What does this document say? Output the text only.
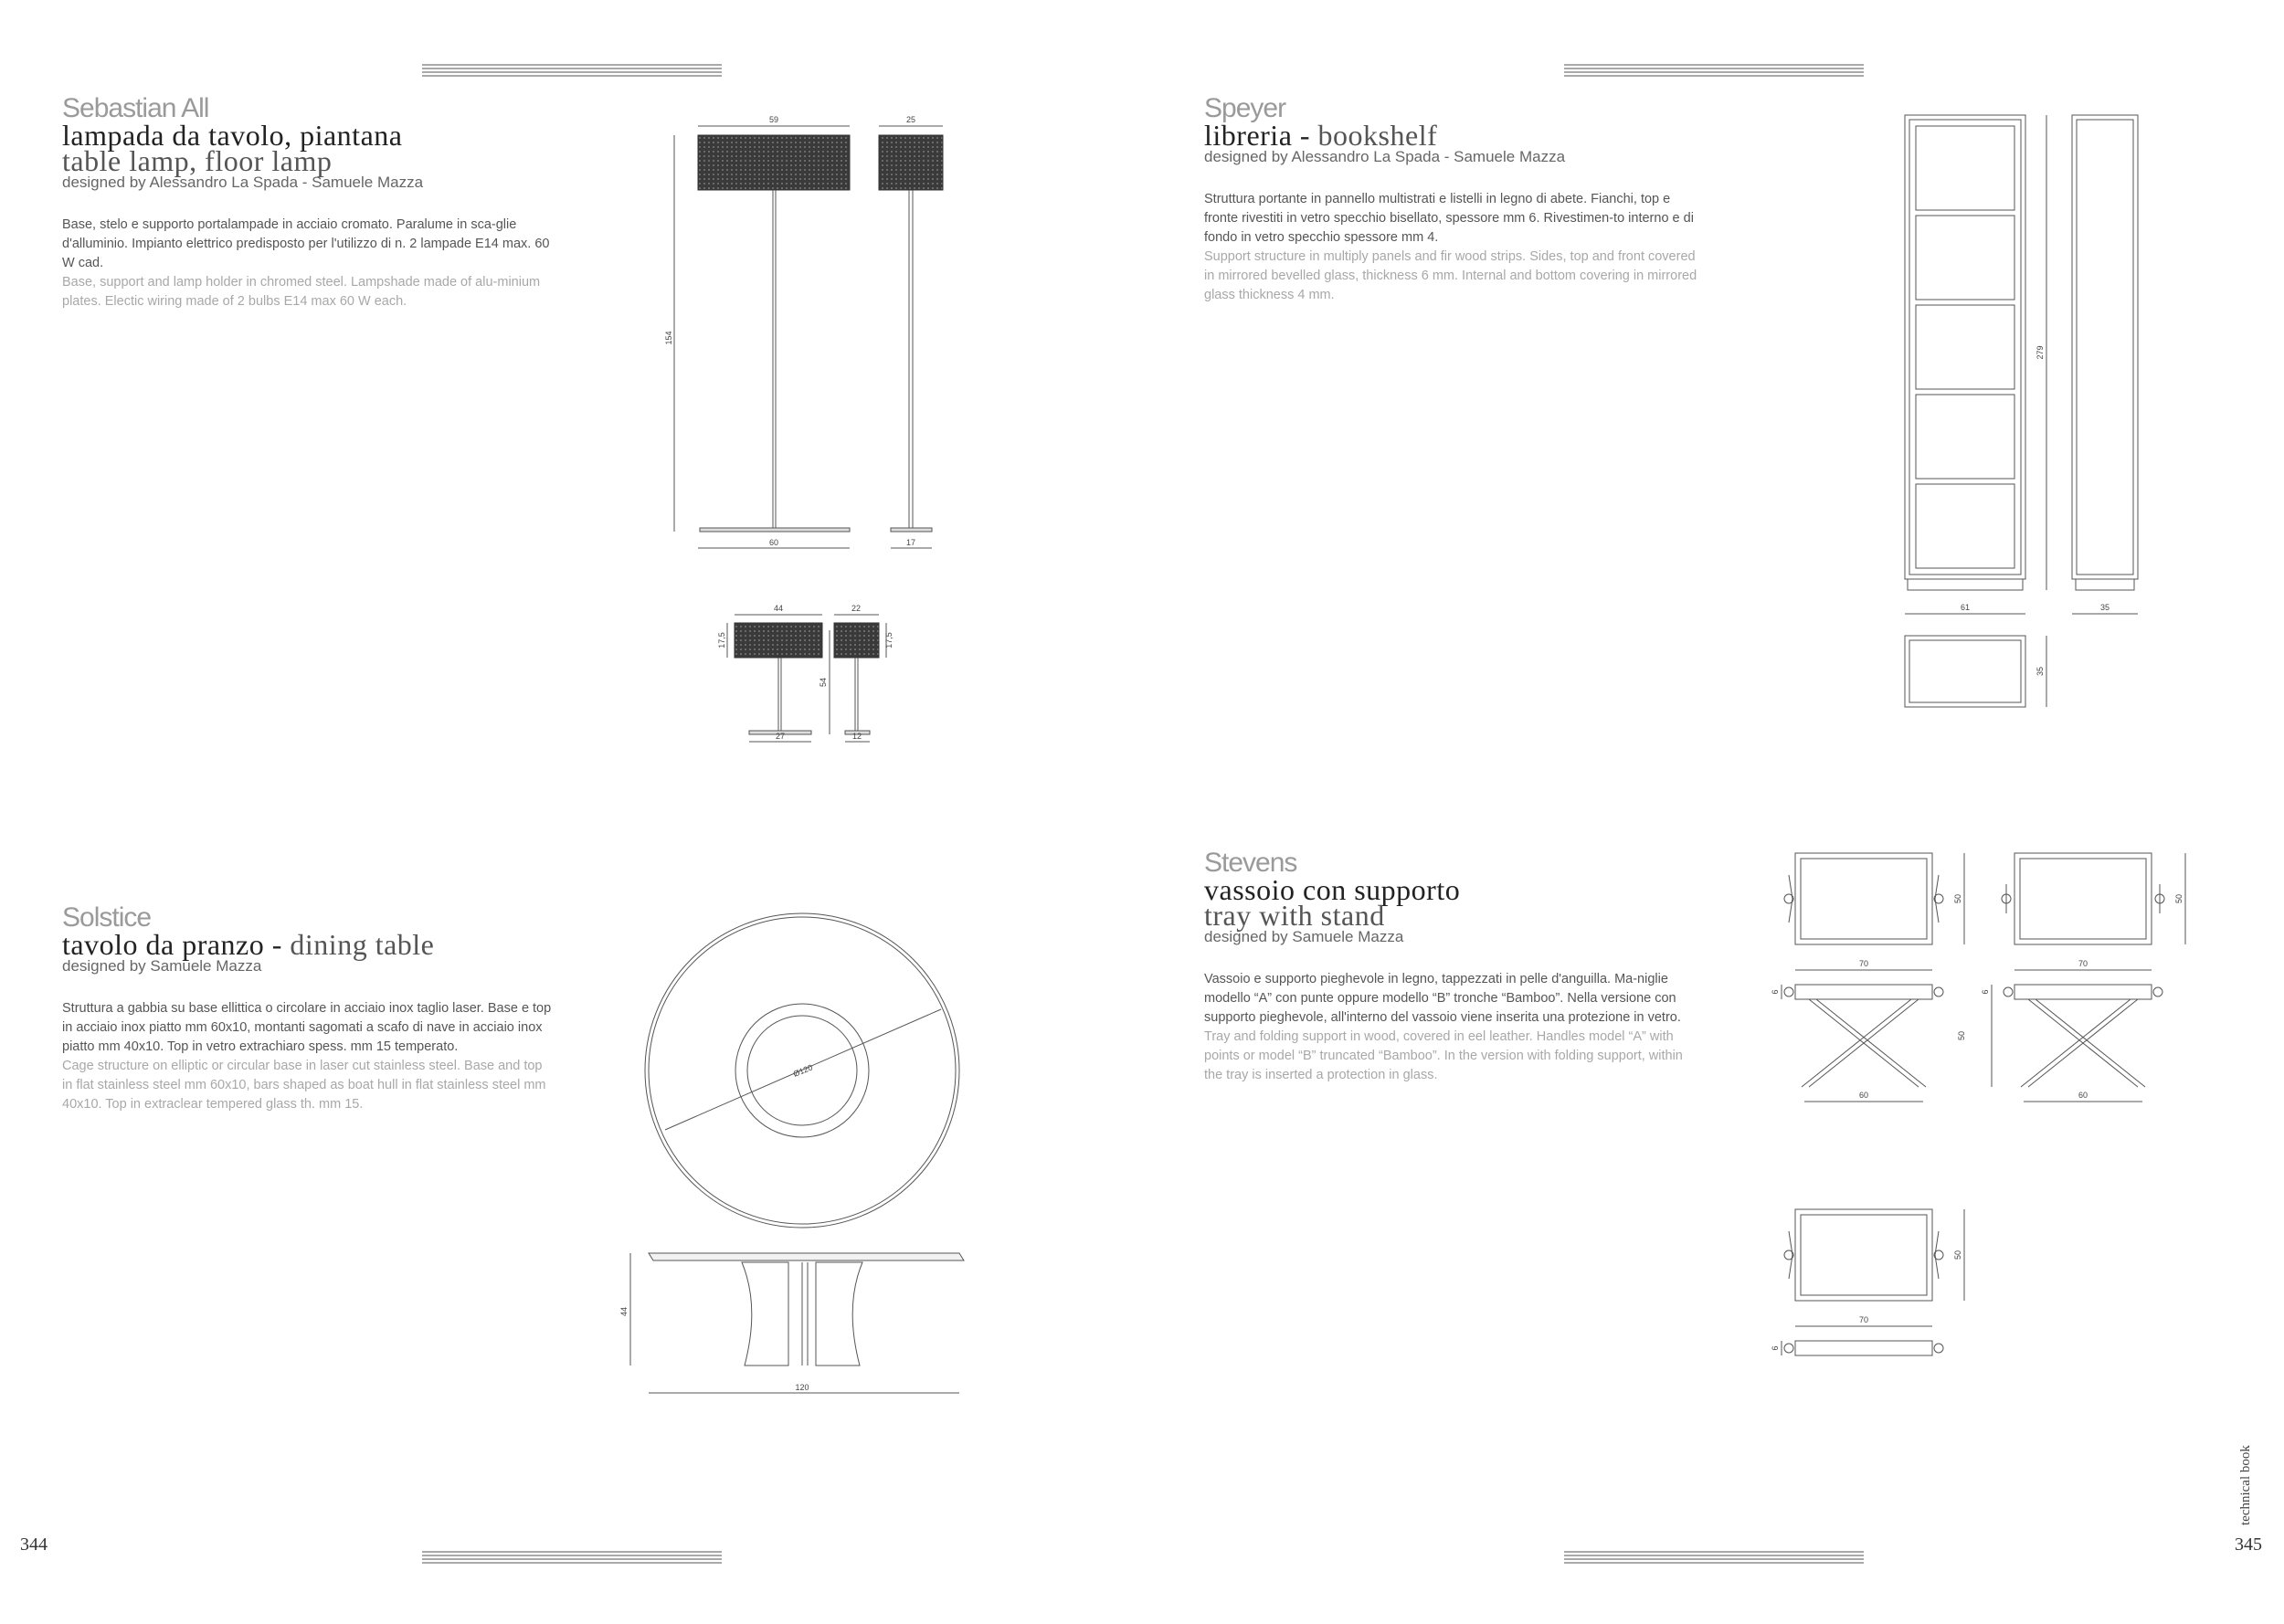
Sebastian All
lampada da tavolo, piantana
table lamp, floor lamp
designed by Alessandro La Spada - Samuele Mazza
Base, stelo e supporto portalampade in acciaio cromato. Paralume in sca-glie d'alluminio. Impianto elettrico predisposto per l'utilizzo di n. 2 lampade E14 max. 60 W cad.
Base, support and lamp holder in chromed steel. Lampshade made of alu-minium plates. Electic wiring made of 2 bulbs E14 max 60 W each.
Solstice
tavolo da pranzo - dining table
designed by Samuele Mazza
Struttura a gabbia su base ellittica o circolare in acciaio inox taglio laser. Base e top in acciaio inox piatto mm 60x10, montanti sagomati a scafo di nave in acciaio inox piatto mm 40x10. Top in vetro extrachiaro spess. mm 15 temperato.
Cage structure on elliptic or circular base in laser cut stainless steel. Base and top in flat stainless steel mm 60x10, bars shaped as boat hull in flat stainless steel mm 40x10. Top in extraclear tempered glass th. mm 15.
Speyer
libreria - bookshelf
designed by Alessandro La Spada - Samuele Mazza
Struttura portante in pannello multistrati e listelli in legno di abete. Fianchi, top e fronte rivestiti in vetro specchio bisellato, spessore mm 6. Rivestimen-to interno e di fondo in vetro specchio spessore mm 4.
Support structure in multiply panels and fir wood strips. Sides, top and front covered in mirrored bevelled glass, thickness 6 mm. Internal and bottom covering in mirrored glass thickness 4 mm.
Stevens
vassoio con supporto
tray with stand
designed by Samuele Mazza
Vassoio e supporto pieghevole in legno, tappezzati in pelle d'anguilla. Ma-niglie modello “A” con punte oppure modello “B” tronche “Bamboo”. Nella versione con supporto pieghevole, all'interno del vassoio viene inserita una protezione in vetro.
Tray and folding support in wood, covered in eel leather. Handles model “A” with points or model “B” truncated “Bamboo”. In the version with folding support, within the tray is inserted a protection in glass.
59	25
154
60	17
44	22
17,5	17,5
54
27	12
Ø120
44
120
279
61	35
35
50
70
50
70
6	6
50
60	60
50
70
6
344	345
technical book
